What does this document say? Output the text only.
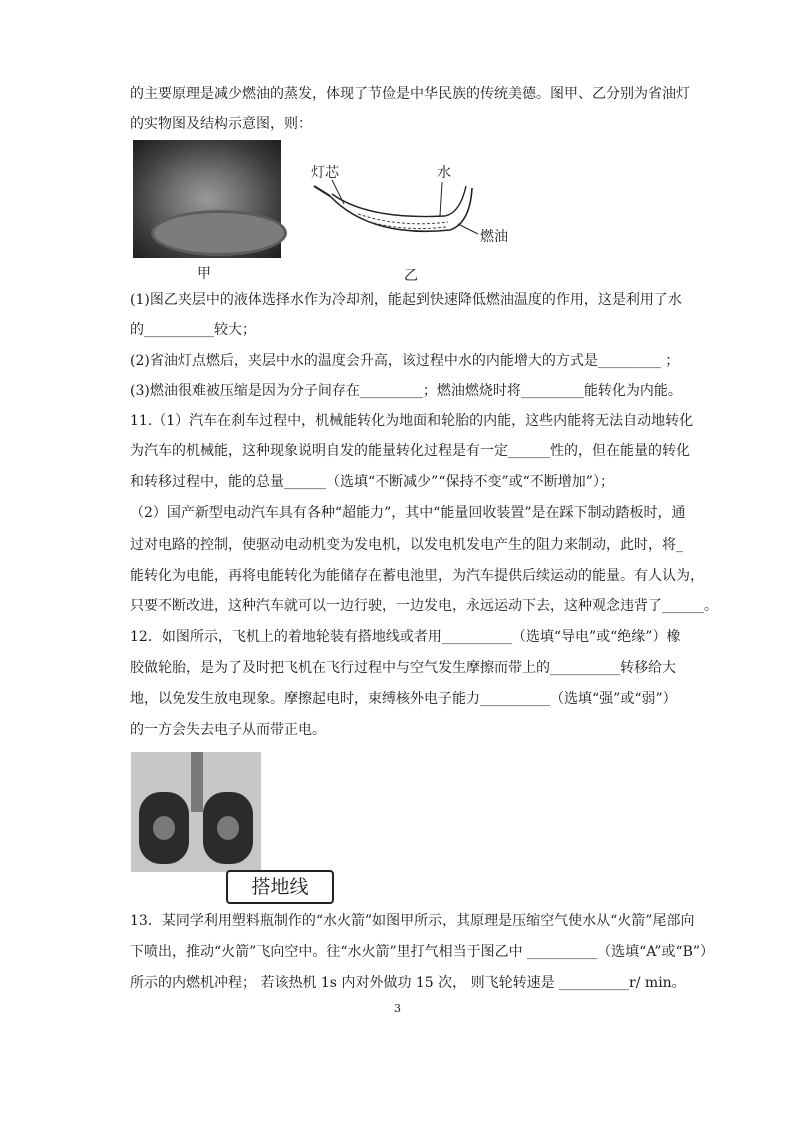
的主要原理是减少燃油的蒸发，体现了节俭是中华民族的传统美德。图甲、乙分别为省油灯
的实物图及结构示意图，则：
甲
灯芯	水
燃油
乙
(1)图乙夹层中的液体选择水作为冷却剂，能起到快速降低燃油温度的作用，这是利用了水
的__________较大；
(2)省油灯点燃后，夹层中水的温度会升高，该过程中水的内能增大的方式是_________ ；
(3)燃油很难被压缩是因为分子间存在_________；燃油燃烧时将_________能转化为内能。
11.（1）汽车在刹车过程中，机械能转化为地面和轮胎的内能，这些内能将无法自动地转化
为汽车的机械能，这种现象说明自发的能量转化过程是有一定______性的，但在能量的转化
和转移过程中，能的总量______（选填“不断减少”“保持不变”或“不断增加”）；
（2）国产新型电动汽车具有各种“超能力”，其中“能量回收装置”是在踩下制动踏板时，通
过对电路的控制，使驱动电动机变为发电机，以发电机发电产生的阻力来制动，此时，将_
能转化为电能，再将电能转化为能储存在蓄电池里，为汽车提供后续运动的能量。有人认为，
只要不断改进，这种汽车就可以一边行驶，一边发电，永远运动下去，这种观念违背了______。
12．如图所示，飞机上的着地轮装有搭地线或者用__________（选填“导电”或“绝缘”）橡
胶做轮胎，是为了及时把飞机在飞行过程中与空气发生摩擦而带上的__________转移给大
地，以免发生放电现象。摩擦起电时，束缚核外电子能力__________（选填“强”或“弱”）
的一方会失去电子从而带正电。
搭地线
13．某同学利用塑料瓶制作的“水火箭”如图甲所示，其原理是压缩空气使水从“火箭”尾部向
下喷出，推动“火箭”飞向空中。往“水火箭”里打气相当于图乙中 __________（选填“A”或“B”）
所示的内燃机冲程； 若该热机 1s 内对外做功 15 次， 则飞轮转速是 __________r/ min。
3
